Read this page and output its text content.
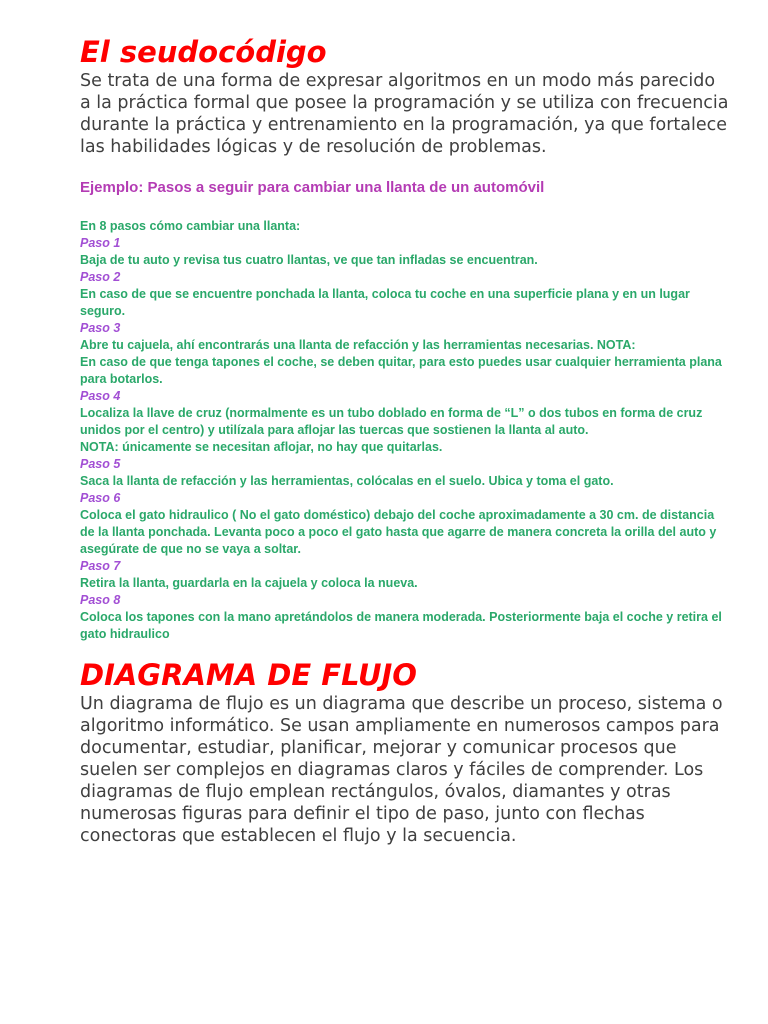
El seudocódigo

Se trata de una forma de expresar algoritmos en un modo más parecido a la práctica formal que posee la programación y se utiliza con frecuencia durante la práctica y entrenamiento en la programación, ya que fortalece las habilidades lógicas y de resolución de problemas.

Ejemplo: Pasos a seguir para cambiar una llanta de un automóvil

En 8 pasos cómo cambiar una llanta:

Paso 1

Baja de tu auto y revisa tus cuatro llantas, ve que tan infladas se encuentran.

Paso 2

En caso de que se encuentre ponchada la llanta, coloca tu coche en una superficie plana y en un lugar seguro.

Paso 3

Abre tu cajuela, ahí encontrarás una llanta de refacción y las herramientas necesarias. NOTA:

En caso de que tenga tapones el coche, se deben quitar, para esto puedes usar cualquier herramienta plana para botarlos.

Paso 4

Localiza la llave de cruz (normalmente es un tubo doblado en forma de “L” o dos tubos en forma de cruz unidos por el centro) y utilízala para aflojar las tuercas que sostienen la llanta al auto.

NOTA: únicamente se necesitan aflojar, no hay que quitarlas.

Paso 5

Saca la llanta de refacción y las herramientas, colócalas en el suelo. Ubica y toma el gato.

Paso 6

Coloca el gato hidraulico ( No el gato doméstico) debajo del coche aproximadamente a 30 cm. de distancia de la llanta ponchada. Levanta poco a poco el gato hasta que agarre de manera concreta la orilla del auto y asegúrate de que no se vaya a soltar.

Paso 7

Retira la llanta, guardarla en la cajuela y coloca la nueva.

Paso 8

Coloca los tapones con la mano apretándolos de manera moderada. Posteriormente baja el coche y retira el gato hidraulico

DIAGRAMA DE FLUJO

Un diagrama de flujo es un diagrama que describe un proceso, sistema o algoritmo informático. Se usan ampliamente en numerosos campos para documentar, estudiar, planificar, mejorar y comunicar procesos que suelen ser complejos en diagramas claros y fáciles de comprender. Los diagramas de flujo emplean rectángulos, óvalos, diamantes y otras numerosas figuras para definir el tipo de paso, junto con flechas conectoras que establecen el flujo y la secuencia.
